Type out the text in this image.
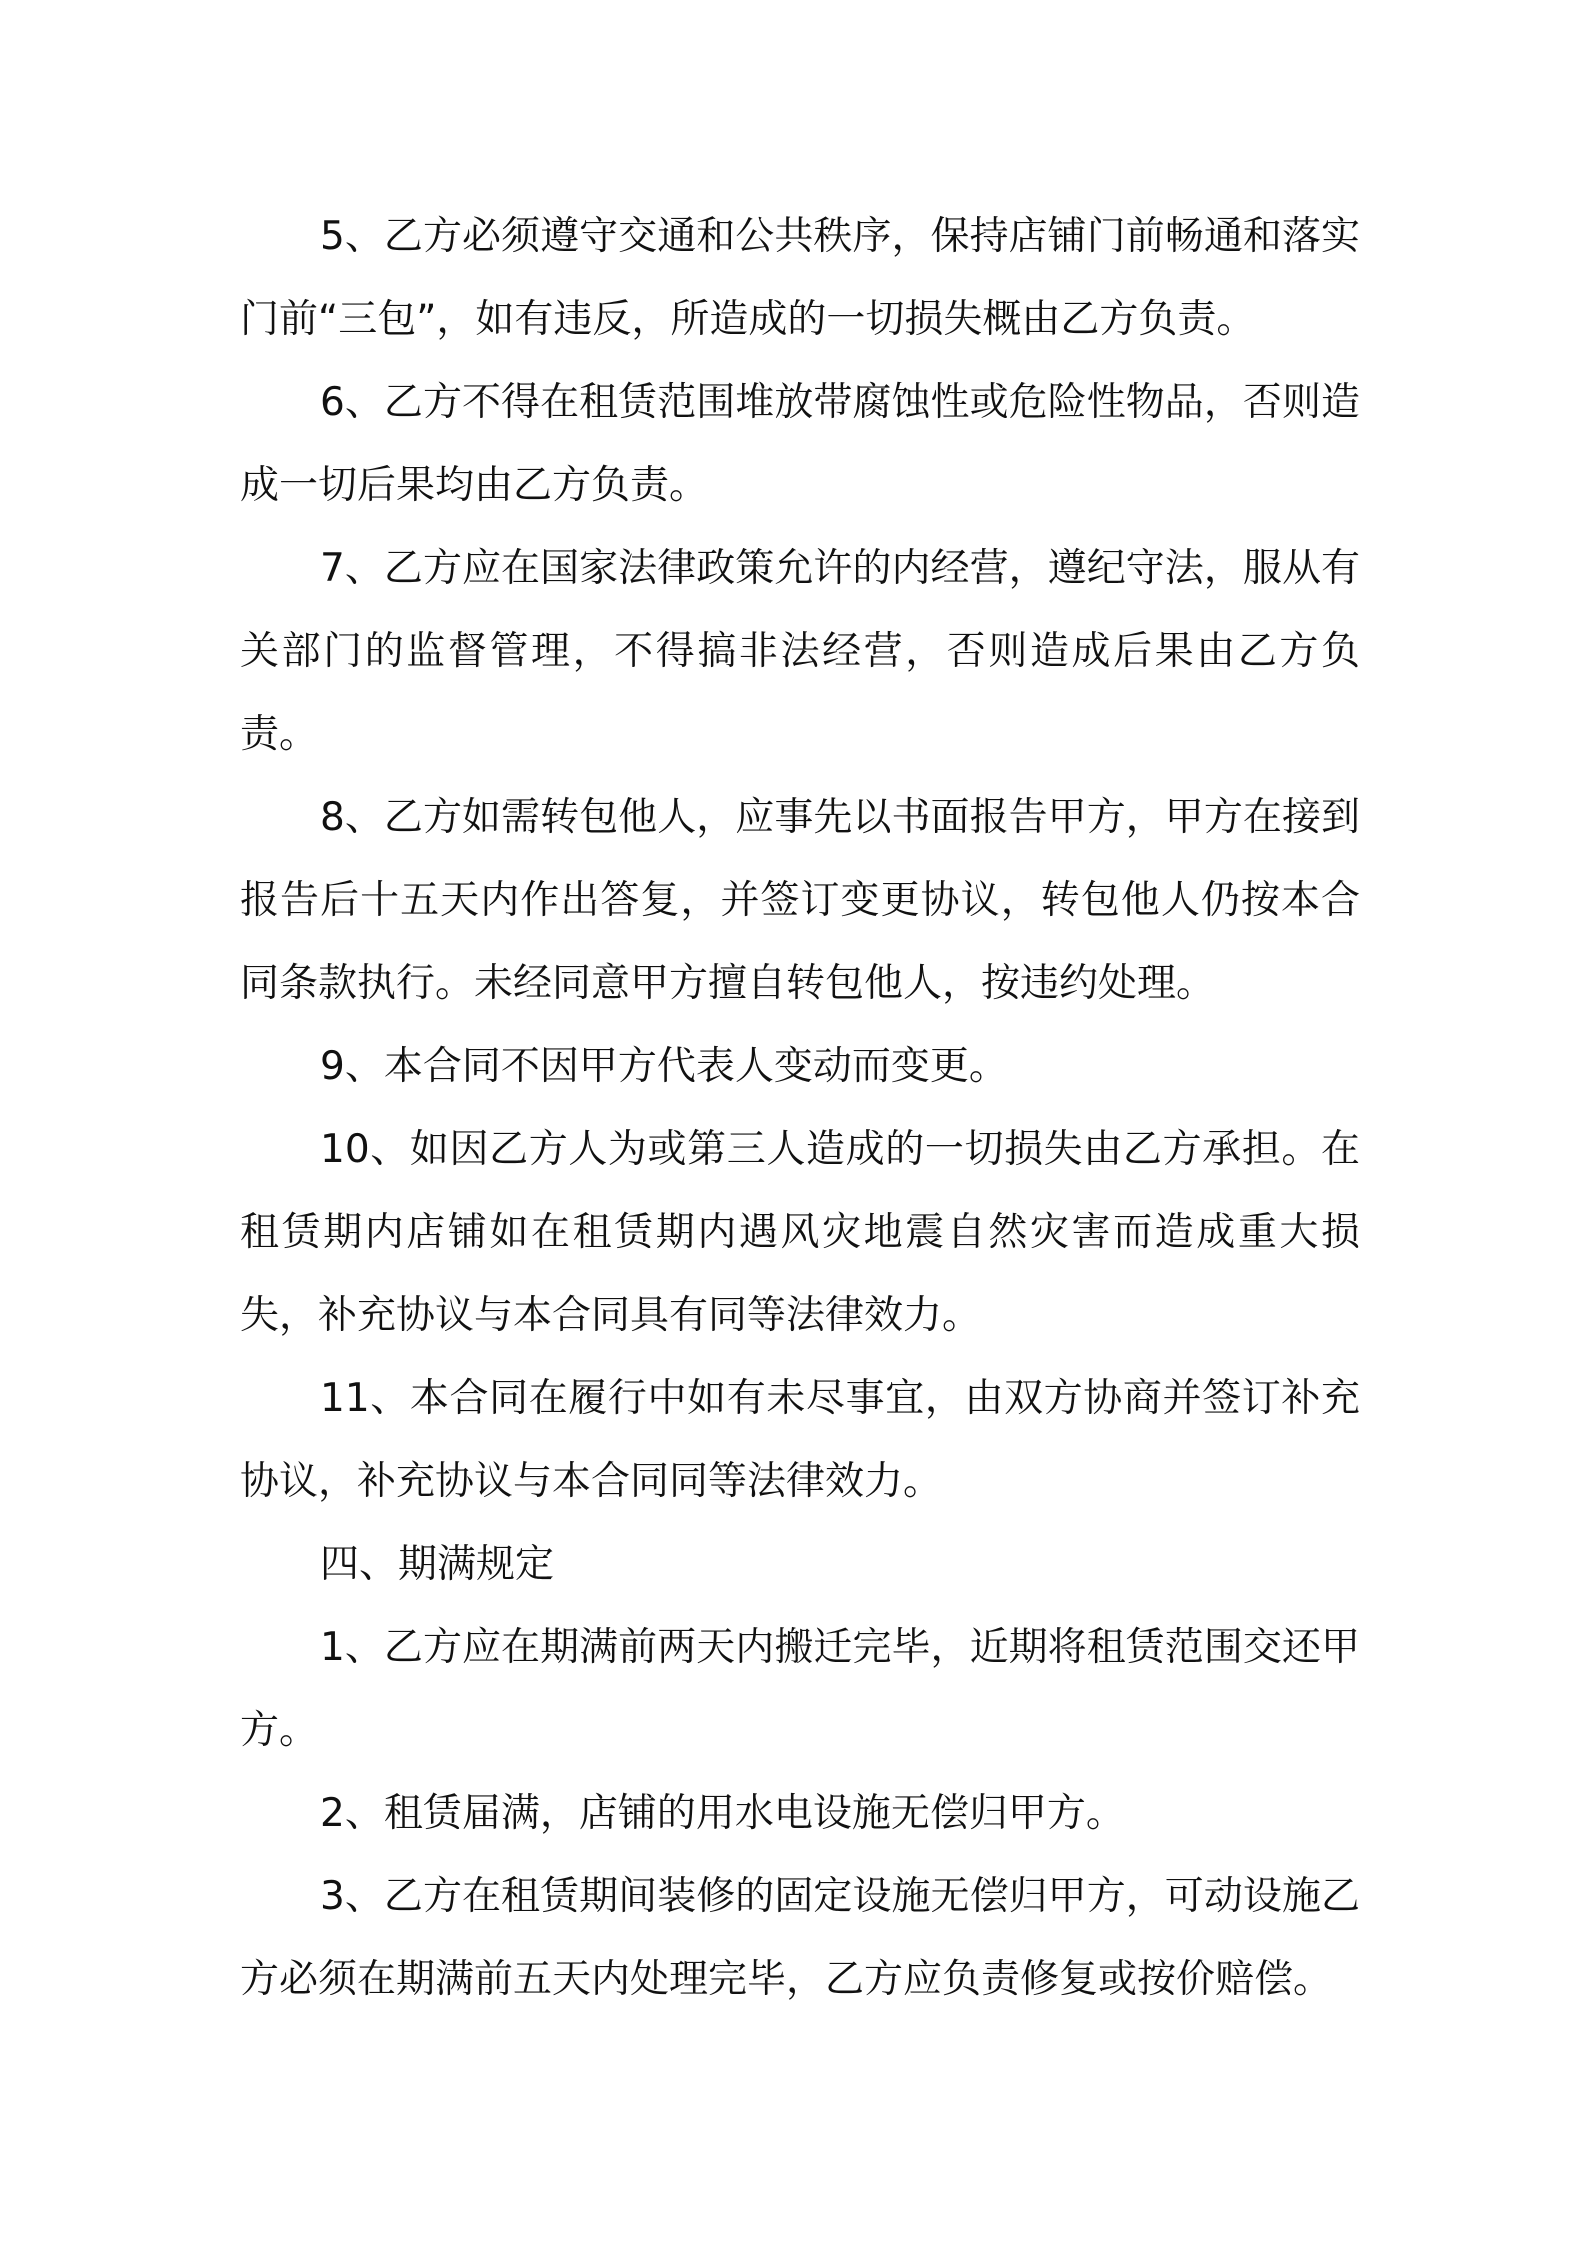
5、乙方必须遵守交通和公共秩序，保持店铺门前畅通和落实门前“三包”，如有违反，所造成的一切损失概由乙方负责。

6、乙方不得在租赁范围堆放带腐蚀性或危险性物品，否则造成一切后果均由乙方负责。

7、乙方应在国家法律政策允许的内经营，遵纪守法，服从有关部门的监督管理，不得搞非法经营，否则造成后果由乙方负责。

8、乙方如需转包他人，应事先以书面报告甲方，甲方在接到报告后十五天内作出答复，并签订变更协议，转包他人仍按本合同条款执行。未经同意甲方擅自转包他人，按违约处理。

9、本合同不因甲方代表人变动而变更。

10、如因乙方人为或第三人造成的一切损失由乙方承担。在租赁期内店铺如在租赁期内遇风灾地震自然灾害而造成重大损失，补充协议与本合同具有同等法律效力。

11、本合同在履行中如有未尽事宜，由双方协商并签订补充协议，补充协议与本合同同等法律效力。

四、期满规定

1、乙方应在期满前两天内搬迁完毕，近期将租赁范围交还甲方。

2、租赁届满，店铺的用水电设施无偿归甲方。

3、乙方在租赁期间装修的固定设施无偿归甲方，可动设施乙方必须在期满前五天内处理完毕，乙方应负责修复或按价赔偿。
